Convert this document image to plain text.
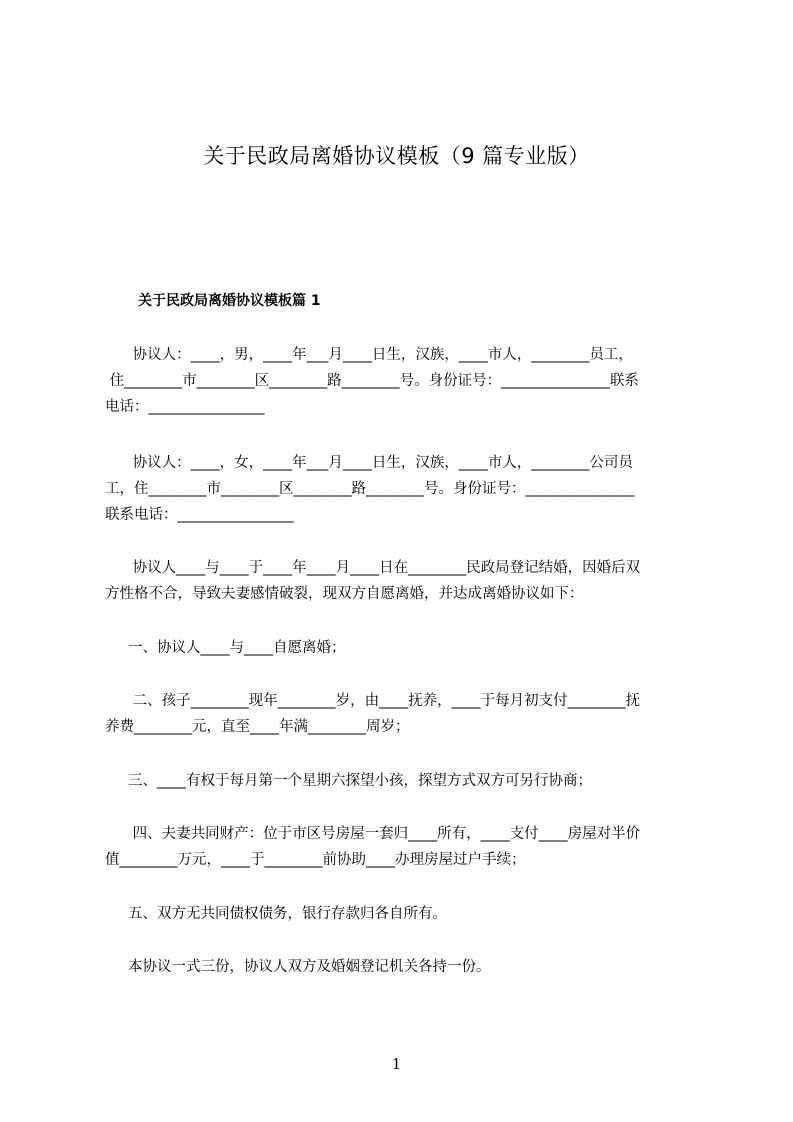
关于民政局离婚协议模板（9 篇专业版）
关于民政局离婚协议模板篇 1
协议人：____，男，____年___月____日生，汉族，____市人，________员工，
住________市________区________路________号。身份证号：_______________联系
电话：________________
协议人：____，女，____年___月____日生，汉族，____市人，________公司员
工，住________市________区________路________号。身份证号：_______________
联系电话：________________
协议人____与____于____年____月____日在________民政局登记结婚，因婚后双
方性格不合，导致夫妻感情破裂，现双方自愿离婚，并达成离婚协议如下：
一、协议人____与____自愿离婚；
二、孩子________现年________岁，由____抚养，____于每月初支付________抚
养费________元，直至____年满________周岁；
三、____有权于每月第一个星期六探望小孩，探望方式双方可另行协商；
四、夫妻共同财产：位于市区号房屋一套归____所有，____支付____房屋对半价
值________万元，____于________前协助____办理房屋过户手续；
五、双方无共同债权债务，银行存款归各自所有。
本协议一式三份，协议人双方及婚姻登记机关各持一份。
1
